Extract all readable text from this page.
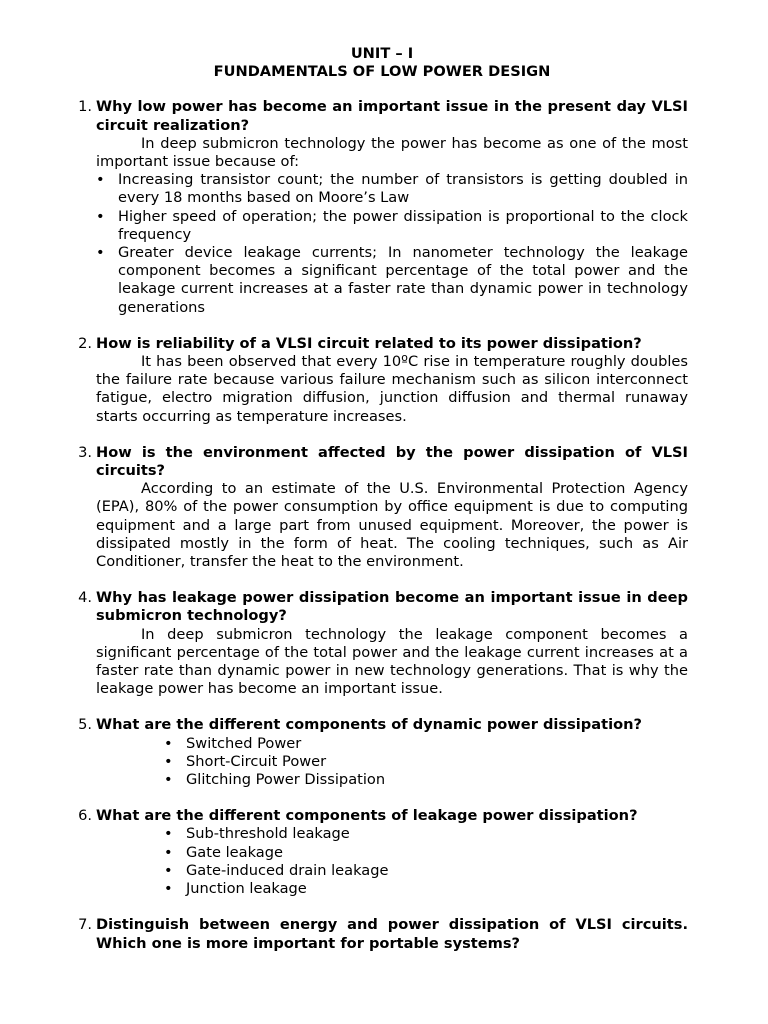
UNIT – I
FUNDAMENTALS OF LOW POWER DESIGN
1. Why low power has become an important issue in the present day VLSI circuit realization?

In deep submicron technology the power has become as one of the most important issue because of:

• Increasing transistor count; the number of transistors is getting doubled in every 18 months based on Moore’s Law
• Higher speed of operation; the power dissipation is proportional to the clock frequency
• Greater device leakage currents; In nanometer technology the leakage component becomes a significant percentage of the total power and the leakage current increases at a faster rate than dynamic power in technology generations
2. How is reliability of a VLSI circuit related to its power dissipation?

It has been observed that every 10ºC rise in temperature roughly doubles the failure rate because various failure mechanism such as silicon interconnect fatigue, electro migration diffusion, junction diffusion and thermal runaway starts occurring as temperature increases.

3. How is the environment affected by the power dissipation of VLSI circuits?

According to an estimate of the U.S. Environmental Protection Agency (EPA), 80% of the power consumption by office equipment is due to computing equipment and a large part from unused equipment. Moreover, the power is dissipated mostly in the form of heat. The cooling techniques, such as Air Conditioner, transfer the heat to the environment.

4. Why has leakage power dissipation become an important issue in deep submicron technology?

In deep submicron technology the leakage component becomes a significant percentage of the total power and the leakage current increases at a faster rate than dynamic power in new technology generations. That is why the leakage power has become an important issue.

5. What are the different components of dynamic power dissipation?
• Switched Power
• Short-Circuit Power
• Glitching Power Dissipation
6. What are the different components of leakage power dissipation?
• Sub-threshold leakage
• Gate leakage
• Gate-induced drain leakage
• Junction leakage
7. Distinguish between energy and power dissipation of VLSI circuits. Which one is more important for portable systems?
